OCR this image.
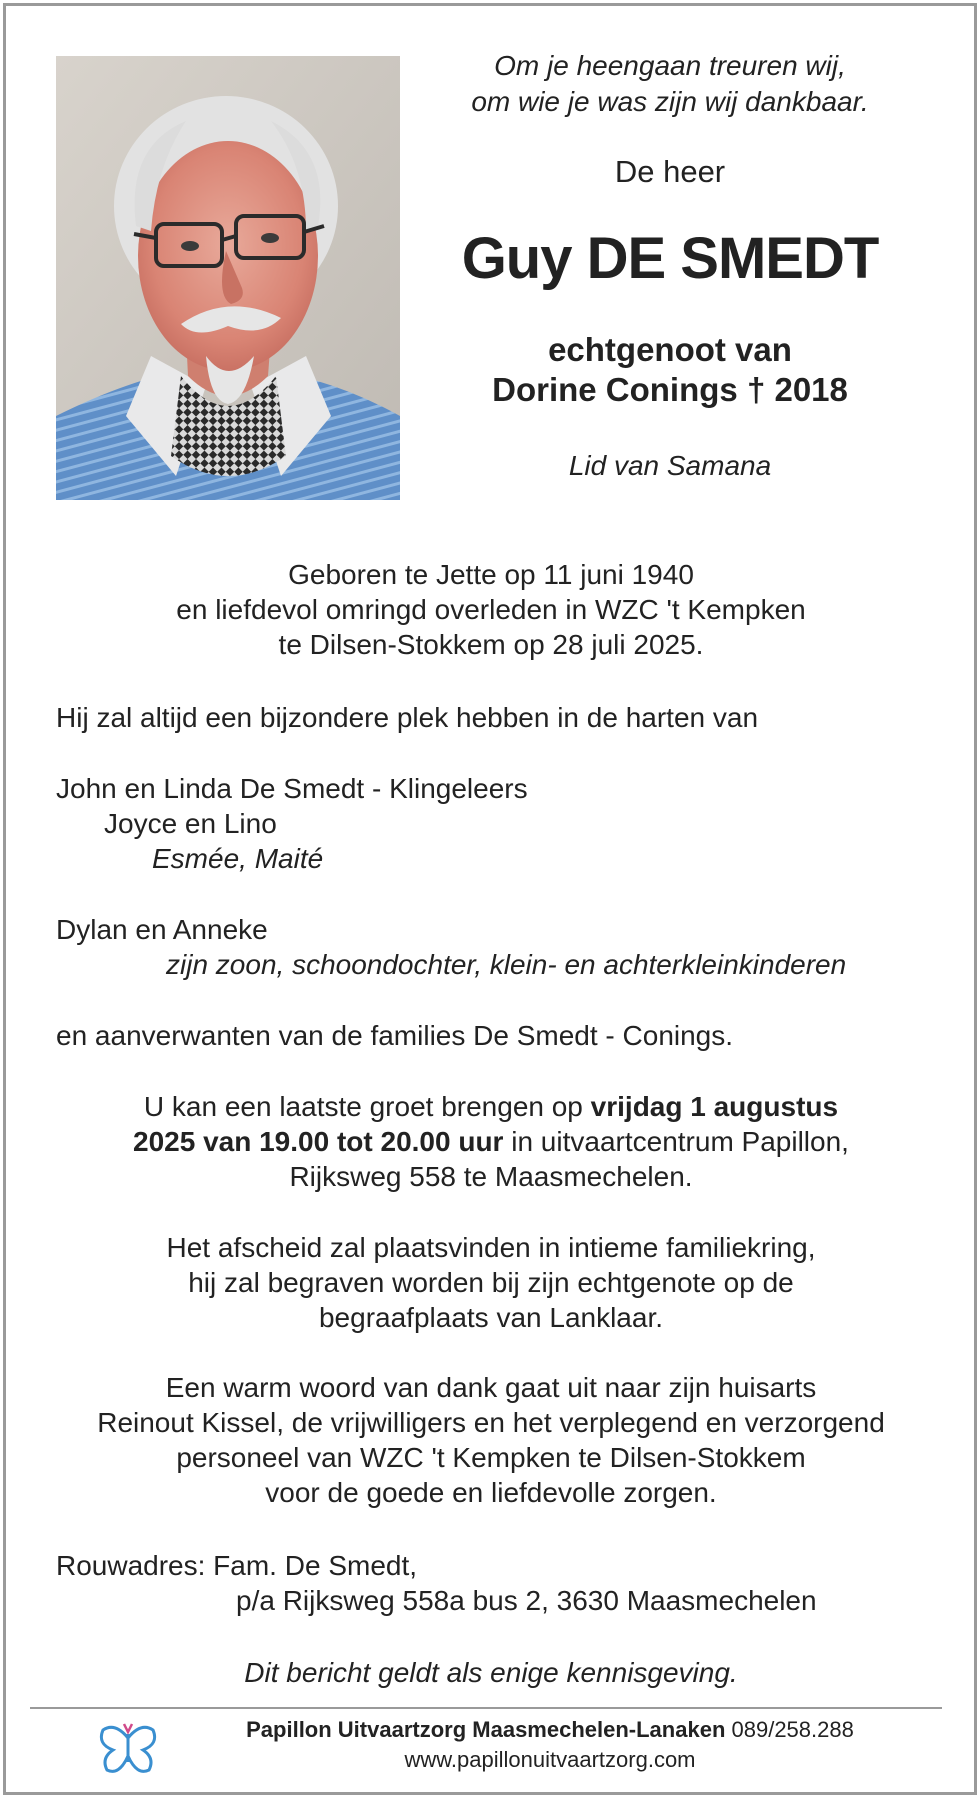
Om je heengaan treuren wij,
om wie je was zijn wij dankbaar.
De heer
Guy DE SMEDT
echtgenoot van
Dorine Conings † 2018
Lid van Samana
Geboren te Jette op 11 juni 1940
en liefdevol omringd overleden in WZC 't Kempken
te Dilsen-Stokkem op 28 juli 2025.
Hij zal altijd een bijzondere plek hebben in de harten van
John en Linda De Smedt - Klingeleers
Joyce en Lino
Esmée, Maité
Dylan en Anneke
zijn zoon, schoondochter, klein- en achterkleinkinderen
en aanverwanten van de families De Smedt - Conings.
U kan een laatste groet brengen op vrijdag 1 augustus
2025 van 19.00 tot 20.00 uur in uitvaartcentrum Papillon,
Rijksweg 558 te Maasmechelen.
Het afscheid zal plaatsvinden in intieme familiekring,
hij zal begraven worden bij zijn echtgenote op de
begraafplaats van Lanklaar.
Een warm woord van dank gaat uit naar zijn huisarts
Reinout Kissel, de vrijwilligers en het verplegend en verzorgend
personeel van WZC 't Kempken te Dilsen-Stokkem
voor de goede en liefdevolle zorgen.
Rouwadres: Fam. De Smedt,
p/a Rijksweg 558a bus 2, 3630 Maasmechelen
Dit bericht geldt als enige kennisgeving.
Papillon Uitvaartzorg Maasmechelen-Lanaken 089/258.288
www.papillonuitvaartzorg.com
